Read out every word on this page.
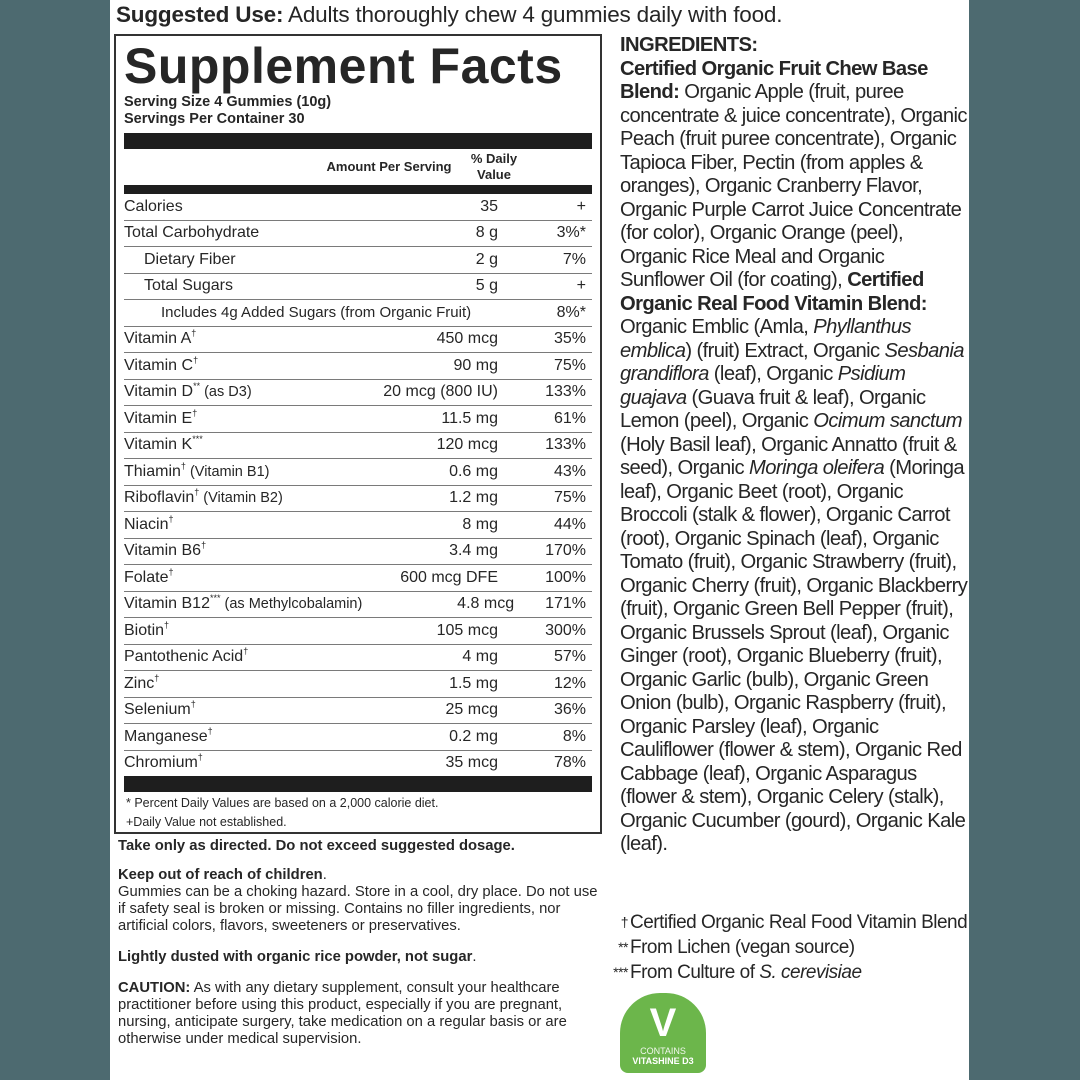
Suggested Use: Adults thoroughly chew 4 gummies daily with food.
Supplement Facts
Serving Size 4 Gummies (10g)
Servings Per Container 30
Amount Per Serving
% Daily Value
Calories	35	+
Total Carbohydrate	8 g	3%*
Dietary Fiber	2 g	7%
Total Sugars	5 g	+
Includes 4g Added Sugars (from Organic Fruit)	8%*
Vitamin A†	450 mcg	35%
Vitamin C†	90 mg	75%
Vitamin D** (as D3)	20 mcg (800 IU)	133%
Vitamin E†	11.5 mg	61%
Vitamin K***	120 mcg	133%
Thiamin† (Vitamin B1)	0.6 mg	43%
Riboflavin† (Vitamin B2)	1.2 mg	75%
Niacin†	8 mg	44%
Vitamin B6†	3.4 mg	170%
Folate†	600 mcg DFE	100%
Vitamin B12*** (as Methylcobalamin)	4.8 mcg	171%
Biotin†	105 mcg	300%
Pantothenic Acid†	4 mg	57%
Zinc†	1.5 mg	12%
Selenium†	25 mcg	36%
Manganese†	0.2 mg	8%
Chromium†	35 mcg	78%
* Percent Daily Values are based on a 2,000 calorie diet.
+Daily Value not established.

Take only as directed. Do not exceed suggested dosage.

Keep out of reach of children.
Gummies can be a choking hazard. Store in a cool, dry place. Do not use if safety seal is broken or missing. Contains no filler ingredients, nor artificial colors, flavors, sweeteners or preservatives.

Lightly dusted with organic rice powder, not sugar.

CAUTION: As with any dietary supplement, consult your healthcare practitioner before using this product, especially if you are pregnant, nursing, anticipate surgery, take medication on a regular basis or are otherwise under medical supervision.

INGREDIENTS:
Certified Organic Fruit Chew Base Blend: Organic Apple (fruit, puree concentrate & juice concentrate), Organic Peach (fruit puree concentrate), Organic Tapioca Fiber, Pectin (from apples & oranges), Organic Cranberry Flavor, Organic Purple Carrot Juice Concentrate (for color), Organic Orange (peel), Organic Rice Meal and Organic Sunflower Oil (for coating), Certified Organic Real Food Vitamin Blend: Organic Emblic (Amla, Phyllanthus emblica) (fruit) Extract, Organic Sesbania grandiflora (leaf), Organic Psidium guajava (Guava fruit & leaf), Organic Lemon (peel), Organic Ocimum sanctum (Holy Basil leaf), Organic Annatto (fruit & seed), Organic Moringa oleifera (Moringa leaf), Organic Beet (root), Organic Broccoli (stalk & flower), Organic Carrot (root), Organic Spinach (leaf), Organic Tomato (fruit), Organic Strawberry (fruit), Organic Cherry (fruit), Organic Blackberry (fruit), Organic Green Bell Pepper (fruit), Organic Brussels Sprout (leaf), Organic Ginger (root), Organic Blueberry (fruit), Organic Garlic (bulb), Organic Green Onion (bulb), Organic Raspberry (fruit), Organic Parsley (leaf), Organic Cauliflower (flower & stem), Organic Red Cabbage (leaf), Organic Asparagus (flower & stem), Organic Celery (stalk), Organic Cucumber (gourd), Organic Kale (leaf).
† Certified Organic Real Food Vitamin Blend
** From Lichen (vegan source)
*** From Culture of S. cerevisiae
V
CONTAINS
VITASHINE D3
